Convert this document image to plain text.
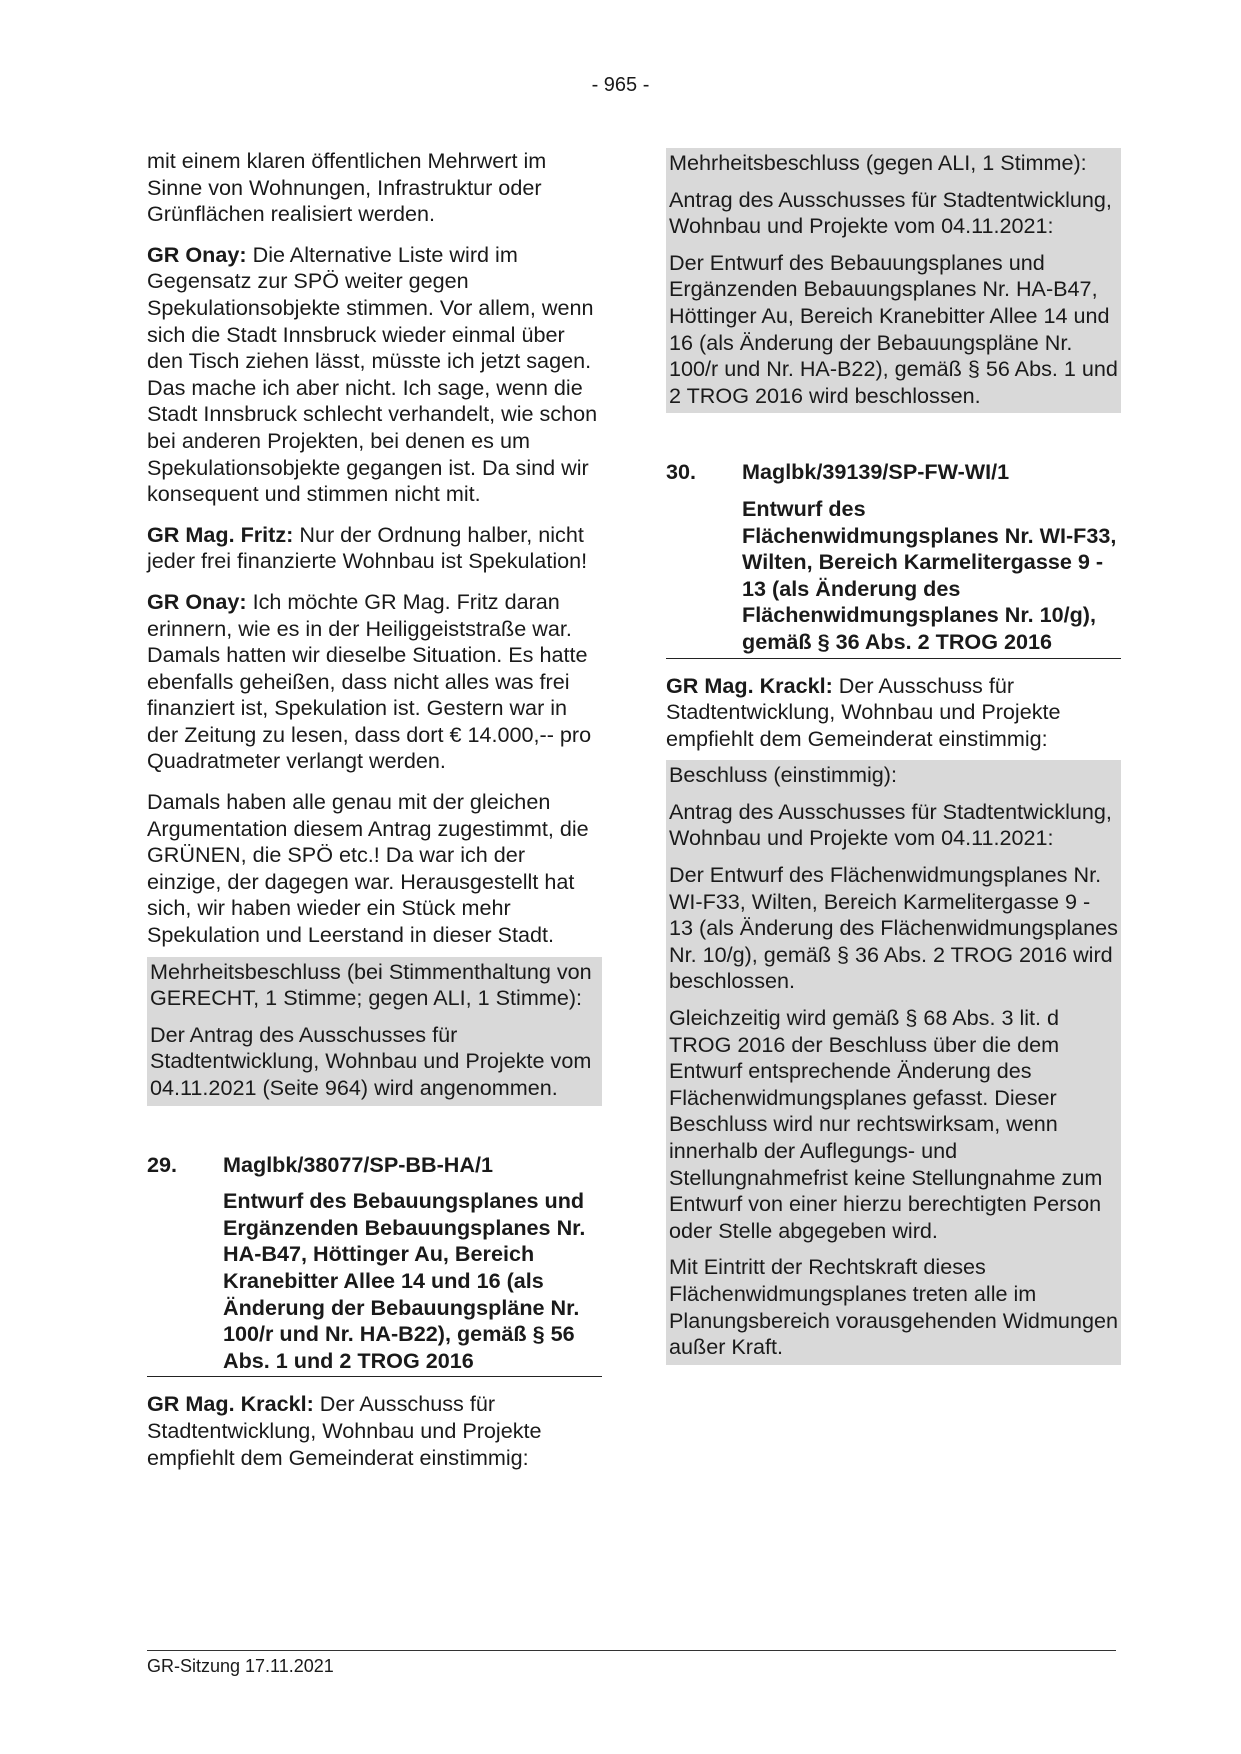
- 965 -

mit einem klaren öffentlichen Mehrwert im Sinne von Wohnungen, Infrastruktur oder Grünflächen realisiert werden.

GR Onay: Die Alternative Liste wird im Gegensatz zur SPÖ weiter gegen Spekulationsobjekte stimmen. Vor allem, wenn sich die Stadt Innsbruck wieder einmal über den Tisch ziehen lässt, müsste ich jetzt sagen. Das mache ich aber nicht. Ich sage, wenn die Stadt Innsbruck schlecht verhandelt, wie schon bei anderen Projekten, bei denen es um Spekulationsobjekte gegangen ist. Da sind wir konsequent und stimmen nicht mit.

GR Mag. Fritz: Nur der Ordnung halber, nicht jeder frei finanzierte Wohnbau ist Spekulation!

GR Onay: Ich möchte GR Mag. Fritz daran erinnern, wie es in der Heiliggeiststraße war. Damals hatten wir dieselbe Situation. Es hatte ebenfalls geheißen, dass nicht alles was frei finanziert ist, Spekulation ist. Gestern war in der Zeitung zu lesen, dass dort € 14.000,-- pro Quadratmeter verlangt werden.

Damals haben alle genau mit der gleichen Argumentation diesem Antrag zugestimmt, die GRÜNEN, die SPÖ etc.! Da war ich der einzige, der dagegen war. Herausgestellt hat sich, wir haben wieder ein Stück mehr Spekulation und Leerstand in dieser Stadt.

Mehrheitsbeschluss (bei Stimmenthaltung von GERECHT, 1 Stimme; gegen ALI, 1 Stimme):

Der Antrag des Ausschusses für Stadtentwicklung, Wohnbau und Projekte vom 04.11.2021 (Seite 964) wird angenommen.

29.	Maglbk/38077/SP-BB-HA/1
Entwurf des Bebauungsplanes und Ergänzenden Bebauungsplanes Nr. HA-B47, Höttinger Au, Bereich Kranebitter Allee 14 und 16 (als Änderung der Bebauungspläne Nr. 100/r und Nr. HA-B22), gemäß § 56 Abs. 1 und 2 TROG 2016

GR Mag. Krackl: Der Ausschuss für Stadtentwicklung, Wohnbau und Projekte empfiehlt dem Gemeinderat einstimmig:

Mehrheitsbeschluss (gegen ALI, 1 Stimme):

Antrag des Ausschusses für Stadtentwicklung, Wohnbau und Projekte vom 04.11.2021:

Der Entwurf des Bebauungsplanes und Ergänzenden Bebauungsplanes Nr. HA-B47, Höttinger Au, Bereich Kranebitter Allee 14 und 16 (als Änderung der Bebauungspläne Nr. 100/r und Nr. HA-B22), gemäß § 56 Abs. 1 und 2 TROG 2016 wird beschlossen.

30.	Maglbk/39139/SP-FW-WI/1
Entwurf des Flächenwidmungsplanes Nr. WI-F33, Wilten, Bereich Karmelitergasse 9 - 13 (als Änderung des Flächenwidmungsplanes Nr. 10/g), gemäß § 36 Abs. 2 TROG 2016

GR Mag. Krackl: Der Ausschuss für Stadtentwicklung, Wohnbau und Projekte empfiehlt dem Gemeinderat einstimmig:

Beschluss (einstimmig):

Antrag des Ausschusses für Stadtentwicklung, Wohnbau und Projekte vom 04.11.2021:

Der Entwurf des Flächenwidmungsplanes Nr. WI-F33, Wilten, Bereich Karmelitergasse 9 - 13 (als Änderung des Flächenwidmungsplanes Nr. 10/g), gemäß § 36 Abs. 2 TROG 2016 wird beschlossen.

Gleichzeitig wird gemäß § 68 Abs. 3 lit. d TROG 2016 der Beschluss über die dem Entwurf entsprechende Änderung des Flächenwidmungsplanes gefasst. Dieser Beschluss wird nur rechtswirksam, wenn innerhalb der Auflegungs- und Stellungnahmefrist keine Stellungnahme zum Entwurf von einer hierzu berechtigten Person oder Stelle abgegeben wird.

Mit Eintritt der Rechtskraft dieses Flächenwidmungsplanes treten alle im Planungsbereich vorausgehenden Widmungen außer Kraft.

GR-Sitzung 17.11.2021
